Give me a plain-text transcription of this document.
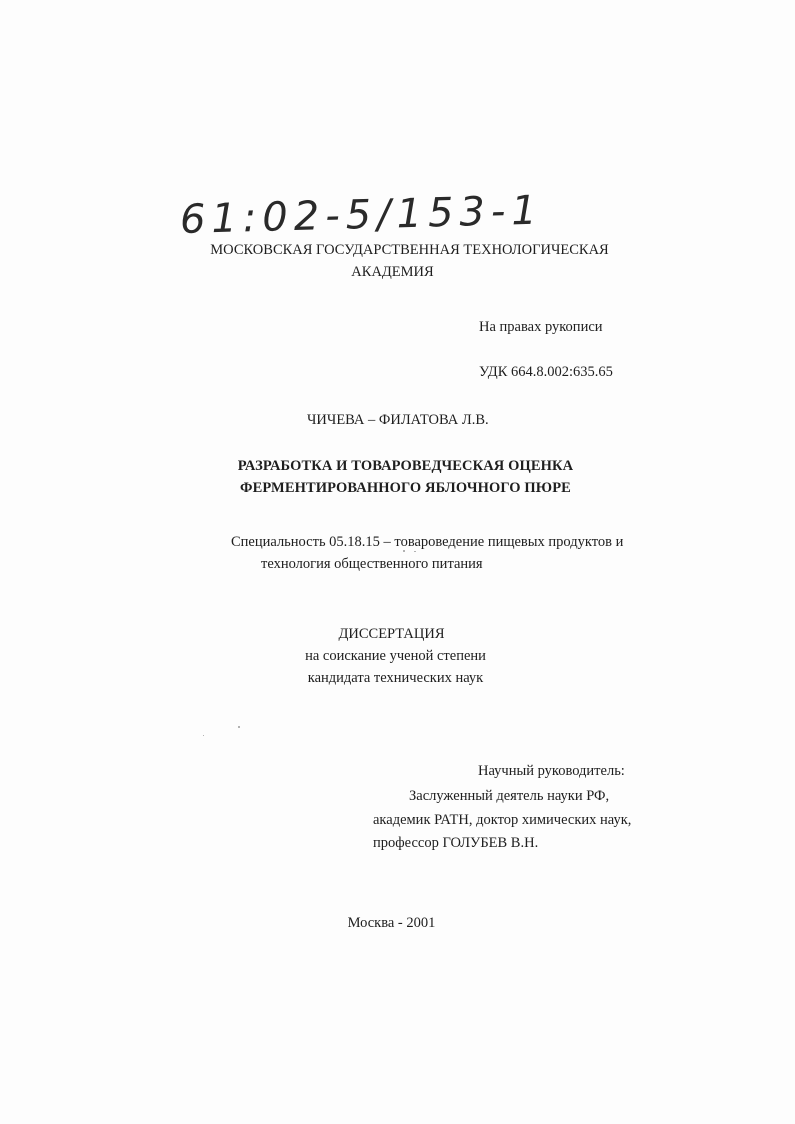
61:02-5/153-1
МОСКОВСКАЯ ГОСУДАРСТВЕННАЯ ТЕХНОЛОГИЧЕСКАЯ
АКАДЕМИЯ
На правах рукописи
УДК 664.8.002:635.65
ЧИЧЕВА – ФИЛАТОВА Л.В.
РАЗРАБОТКА И ТОВАРОВЕДЧЕСКАЯ ОЦЕНКА
ФЕРМЕНТИРОВАННОГО ЯБЛОЧНОГО ПЮРЕ
Специальность 05.18.15 – товароведение пищевых продуктов и
технология общественного питания
ДИССЕРТАЦИЯ
на соискание ученой степени
кандидата технических наук
Научный руководитель:
Заслуженный деятель науки РФ,
академик РАТН, доктор химических наук,
профессор ГОЛУБЕВ В.Н.
Москва - 2001
